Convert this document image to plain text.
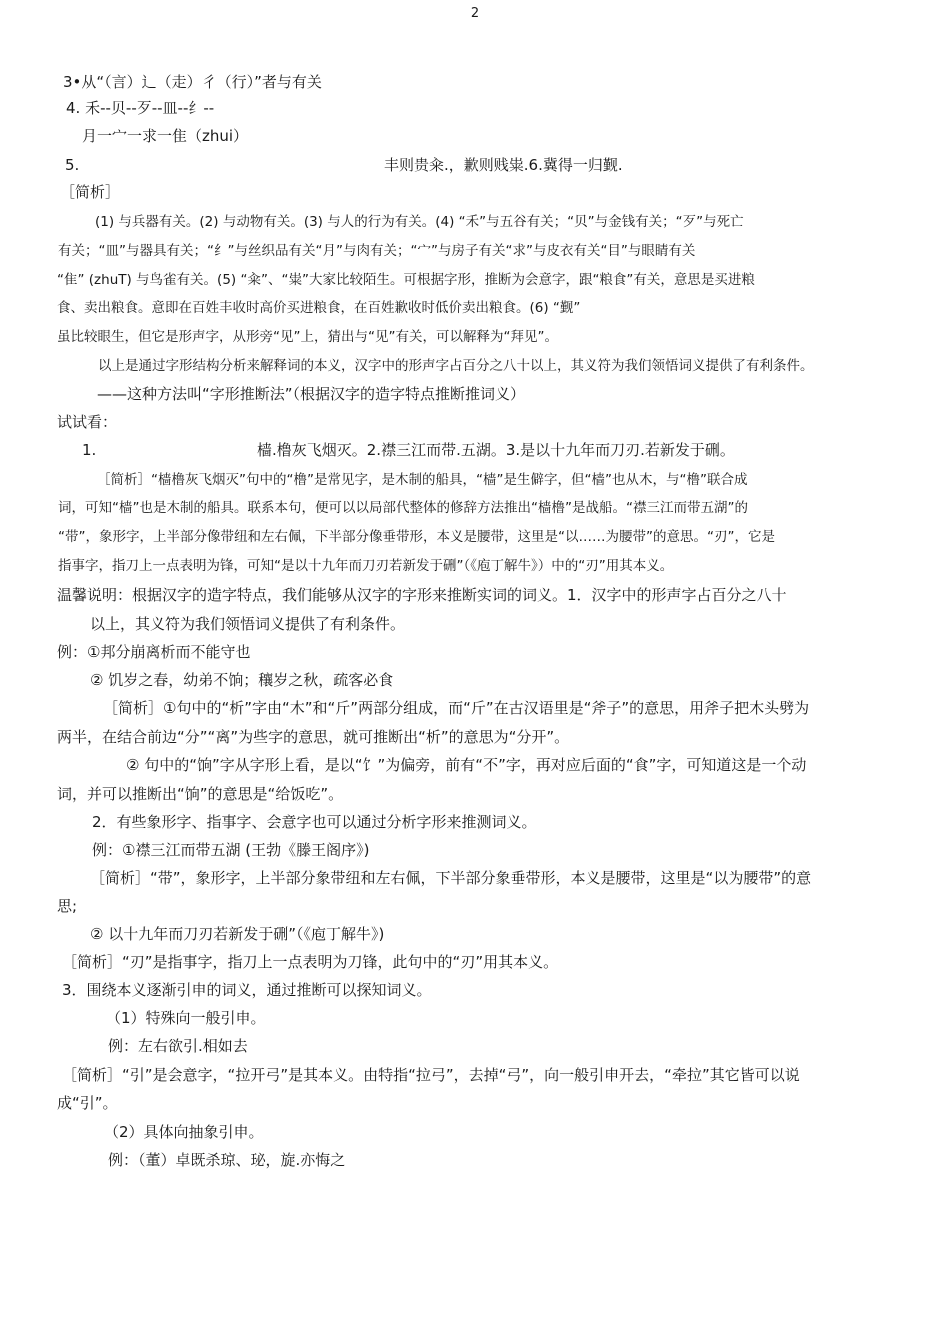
2
3•从“（言）辶（走）彳（行）”者与有关
4. 禾--贝--歹--皿--纟--
月一宀一求一隹（zhui）
5.	丰则贵籴.，歉则贱粜.6.冀得一归觐.
［简析］
(1) 与兵器有关。(2) 与动物有关。(3) 与人的行为有关。(4) “禾”与五谷有关；“贝”与金钱有关；“歹”与死亡
有关；“皿”与器具有关；“纟”与丝织品有关“月”与肉有关；“宀”与房子有关“求”与皮衣有关“目”与眼睛有关
“隹” (zhuT) 与鸟雀有关。(5) “籴”、“粜”大家比较陌生。可根据字形，推断为会意字，跟“粮食”有关，意思是买进粮
食、卖出粮食。意即在百姓丰收时高价买进粮食，在百姓歉收时低价卖出粮食。(6) “觐”
虽比较眼生，但它是形声字，从形旁“见”上，猜出与“见”有关，可以解释为“拜见”。
以上是通过字形结构分析来解释词的本义，汉字中的形声字占百分之八十以上，其义符为我们领悟词义提供了有利条件。
——这种方法叫“字形推断法”（根据汉字的造字特点推断推词义）
试试看：
1.	樯.橹灰飞烟灭。2.襟三江而带.五湖。3.是以十九年而刀刃.若新发于硎。
［简析］“樯橹灰飞烟灭”句中的“橹”是常见字，是木制的船具，“樯”是生僻字，但“樯”也从木，与“橹”联合成
词，可知“樯”也是木制的船具。联系本句，便可以以局部代整体的修辞方法推出“樯橹”是战船。“襟三江而带五湖”的
“带”，象形字，上半部分像带纽和左右佩，下半部分像垂带形，本义是腰带，这里是“以……为腰带”的意思。“刃”，它是
指事字，指刀上一点表明为锋，可知“是以十九年而刀刃若新发于硎”（《庖丁解牛》）中的“刃”用其本义。
温馨说明：根据汉字的造字特点，我们能够从汉字的字形来推断实词的词义。1．汉字中的形声字占百分之八十
以上，其义符为我们领悟词义提供了有利条件。
例：①邦分崩离析而不能守也
② 饥岁之春，幼弟不饷；穰岁之秋，疏客必食
［简析］①句中的“析”字由“木”和“斤”两部分组成，而“斤”在古汉语里是“斧子”的意思，用斧子把木头劈为
两半，在结合前边“分”“离”为些字的意思，就可推断出“析”的意思为“分开”。
② 句中的“饷”字从字形上看，是以“饣”为偏旁，前有“不”字，再对应后面的“食”字，可知道这是一个动
词，并可以推断出“饷”的意思是“给饭吃”。
2．有些象形字、指事字、会意字也可以通过分析字形来推测词义。
例：①襟三江而带五湖 (王勃《滕王阁序》)
［简析］“带”，象形字，上半部分象带纽和左右佩，下半部分象垂带形，本义是腰带，这里是“以为腰带”的意
思;
② 以十九年而刀刃若新发于硎”（《庖丁解牛》)
［简析］“刃”是指事字，指刀上一点表明为刀锋，此句中的“刃”用其本义。
3．围绕本义逐渐引申的词义，通过推断可以探知词义。
（1）特殊向一般引申。
例：左右欲引.相如去
［简析］“引”是会意字，“拉开弓”是其本义。由特指“拉弓”，去掉“弓”，向一般引申开去，“牵拉”其它皆可以说
成“引”。
（2）具体向抽象引申。
例：（董）卓既杀琼、珌，旋.亦悔之
